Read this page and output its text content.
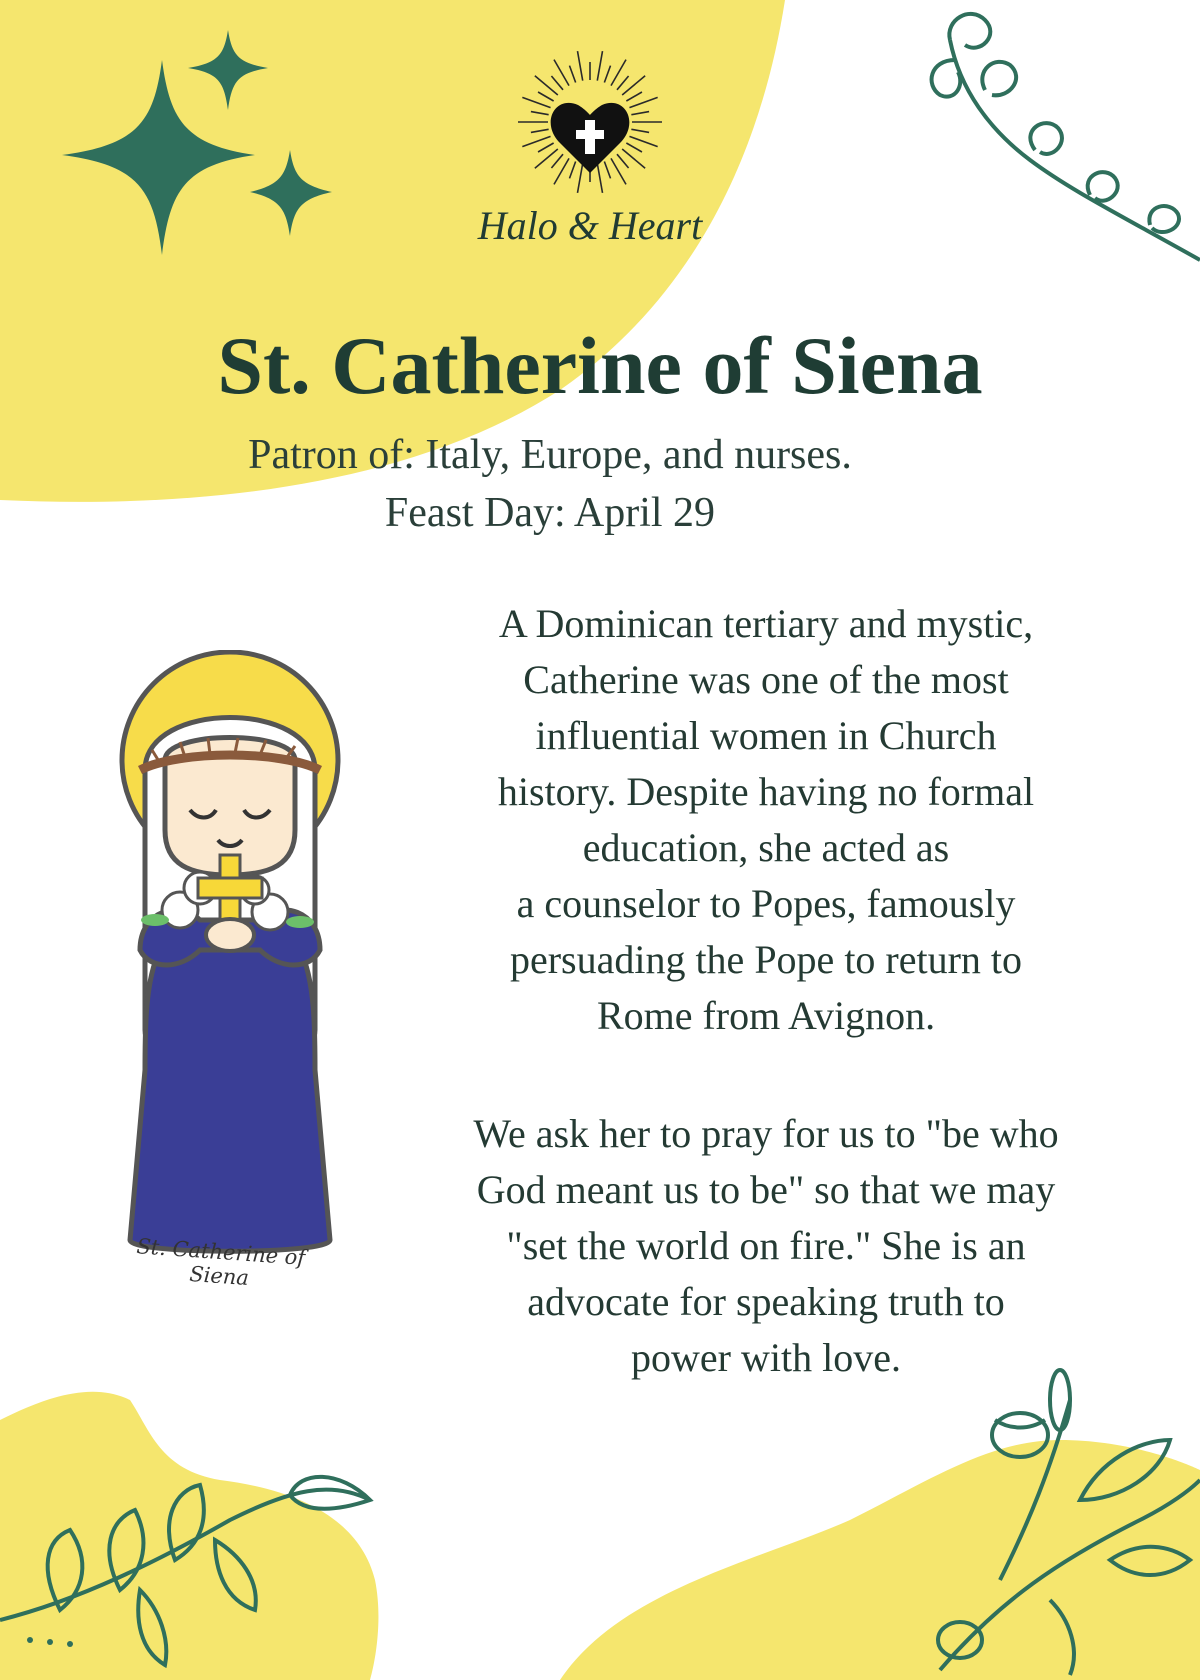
Halo & Heart
St. Catherine of Siena
Patron of: Italy, Europe, and nurses.
Feast Day: April 29
St. Catherine of Siena
A Dominican tertiary and mystic,
Catherine was one of the most
influential women in Church
history. Despite having no formal
education, she acted as
a counselor to Popes, famously
persuading the Pope to return to
Rome from Avignon.
We ask her to pray for us to "be who
God meant us to be" so that we may
"set the world on fire." She is an
advocate for speaking truth to
power with love.
